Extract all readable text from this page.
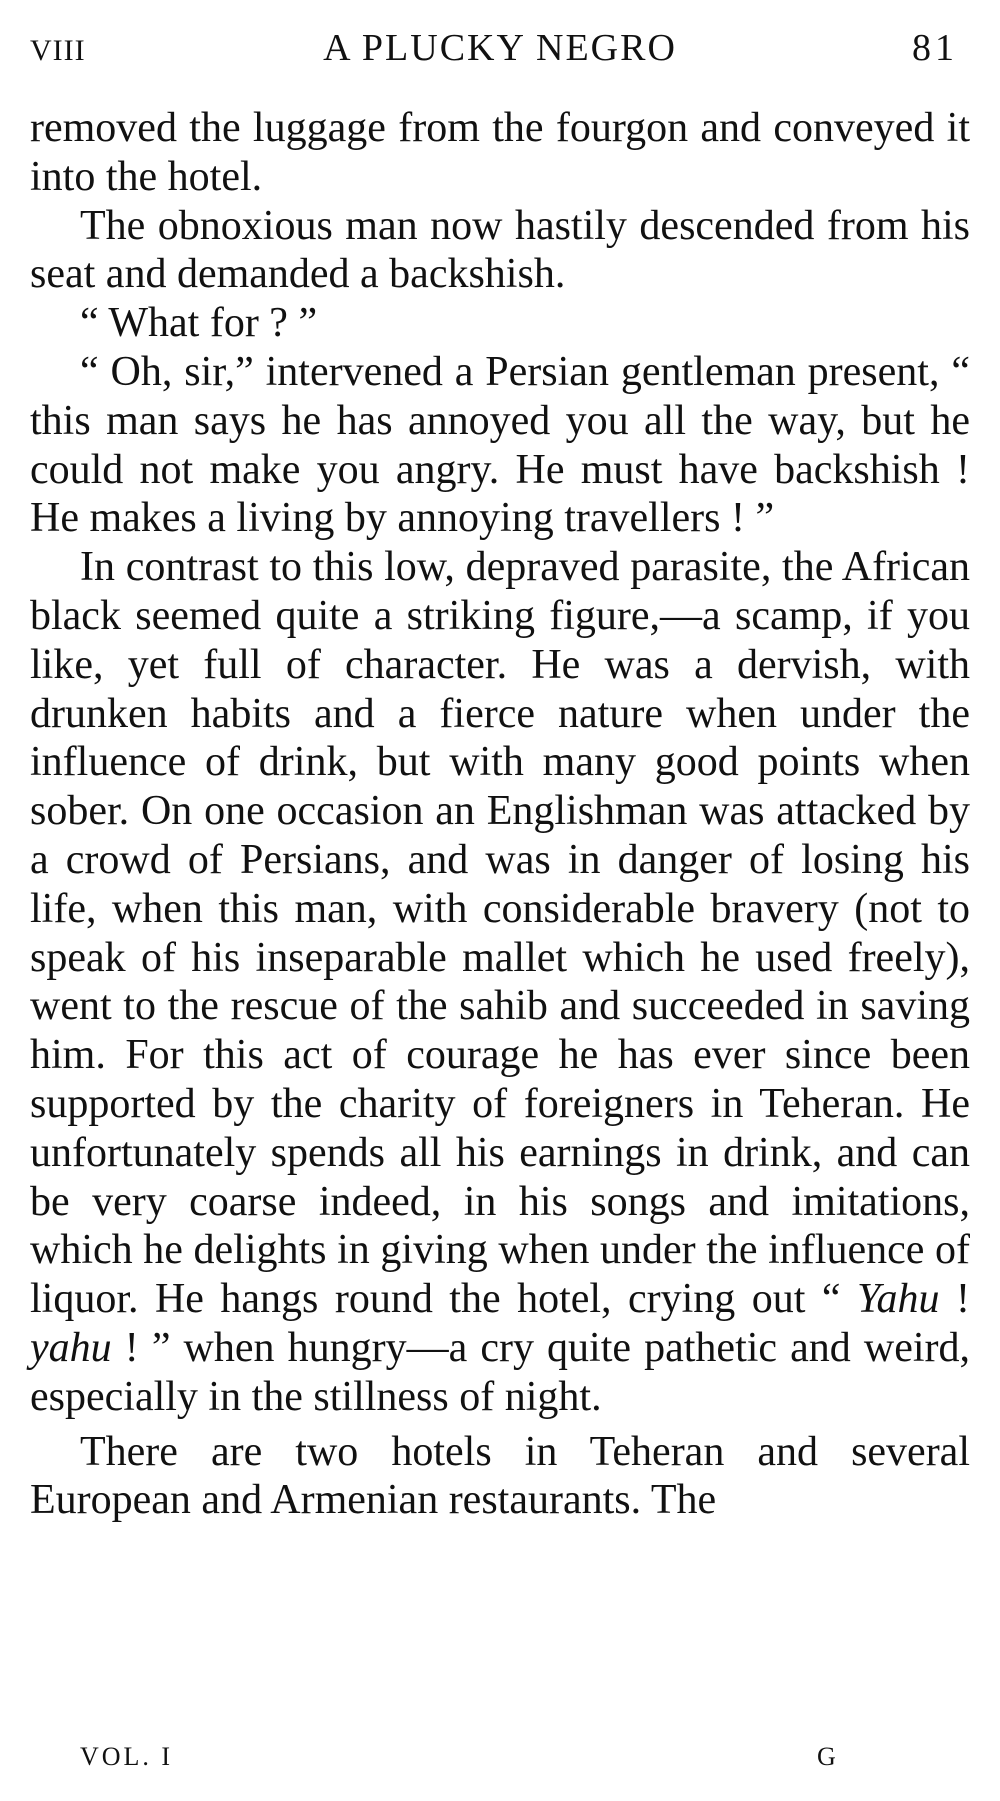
VIII	A PLUCKY NEGRO	81

removed the luggage from the fourgon and conveyed it into the hotel.

The obnoxious man now hastily descended from his seat and demanded a backshish.

“ What for ? ”

“ Oh, sir,” intervened a Persian gentleman present, “ this man says he has annoyed you all the way, but he could not make you angry. He must have backshish ! He makes a living by annoying travellers ! ”

In contrast to this low, depraved parasite, the African black seemed quite a striking figure,—a scamp, if you like, yet full of character. He was a dervish, with drunken habits and a fierce nature when under the influence of drink, but with many good points when sober. On one occasion an Englishman was attacked by a crowd of Persians, and was in danger of losing his life, when this man, with considerable bravery (not to speak of his inseparable mallet which he used freely), went to the rescue of the sahib and succeeded in saving him. For this act of courage he has ever since been supported by the charity of foreigners in Teheran. He unfortunately spends all his earnings in drink, and can be very coarse indeed, in his songs and imitations, which he delights in giving when under the influence of liquor. He hangs round the hotel, crying out “ Yahu ! yahu ! ” when hungry—a cry quite pathetic and weird, especially in the stillness of night.

There are two hotels in Teheran and several European and Armenian restaurants. The

VOL. I	G
